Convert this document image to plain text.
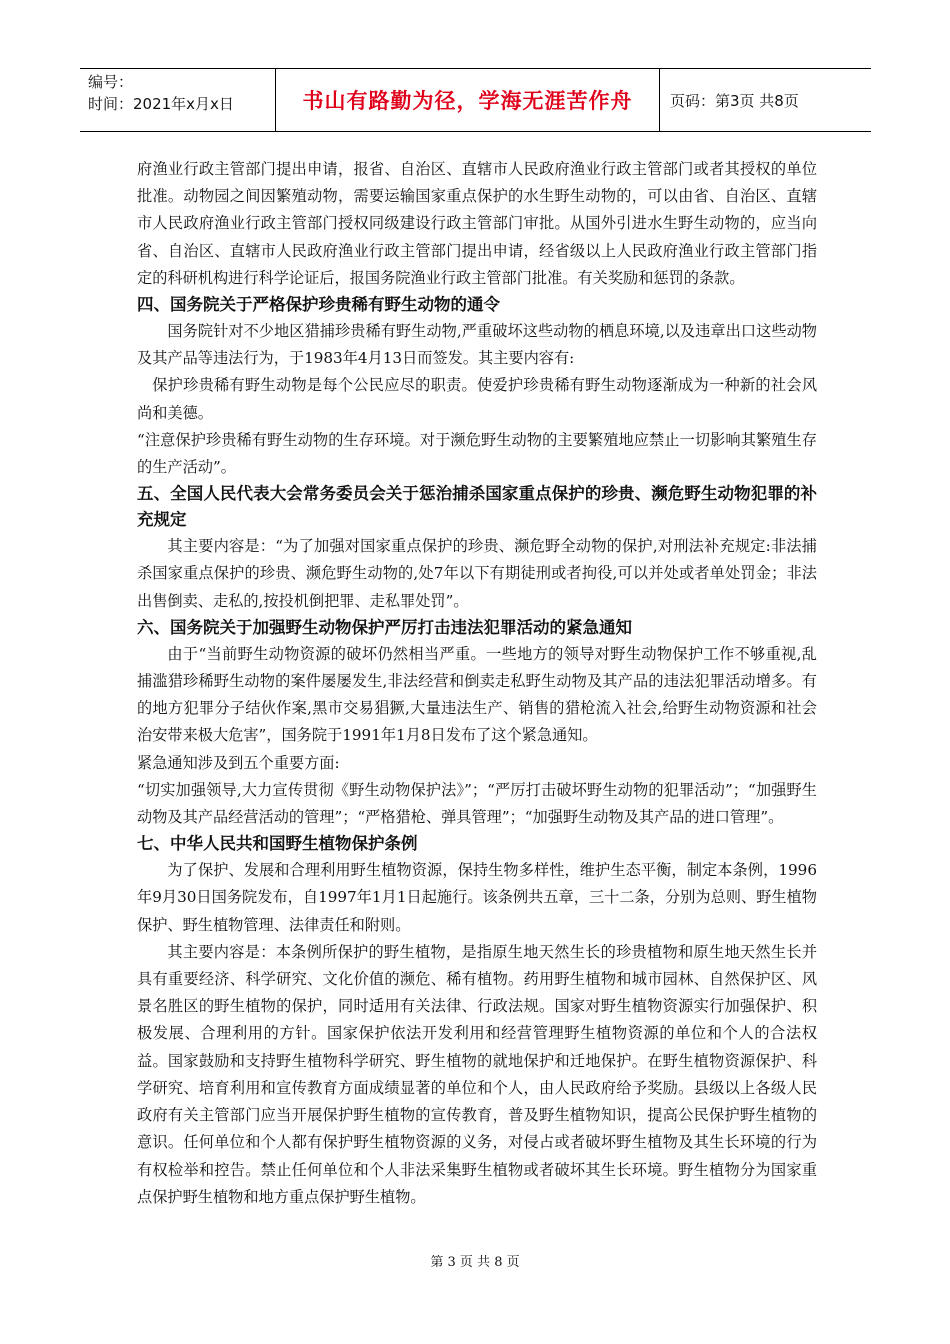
编号：
时间：2021年x月x日	书山有路勤为径，学海无涯苦作舟	页码：第3页 共8页

府渔业行政主管部门提出申请，报省、自治区、直辖市人民政府渔业行政主管部门或者其授权的单位批准。动物园之间因繁殖动物，需要运输国家重点保护的水生野生动物的，可以由省、自治区、直辖市人民政府渔业行政主管部门授权同级建设行政主管部门审批。从国外引进水生野生动物的，应当向省、自治区、直辖市人民政府渔业行政主管部门提出申请，经省级以上人民政府渔业行政主管部门指定的科研机构进行科学论证后，报国务院渔业行政主管部门批准。有关奖励和惩罚的条款。

四、国务院关于严格保护珍贵稀有野生动物的通令

国务院针对不少地区猎捕珍贵稀有野生动物,严重破坏这些动物的栖息环境,以及违章出口这些动物及其产品等违法行为，于1983年4月13日而签发。其主要内容有:

保护珍贵稀有野生动物是每个公民应尽的职责。使爱护珍贵稀有野生动物逐渐成为一种新的社会风尚和美德。

“注意保护珍贵稀有野生动物的生存环境。对于濒危野生动物的主要繁殖地应禁止一切影响其繁殖生存的生产活动”。

五、全国人民代表大会常务委员会关于惩治捕杀国家重点保护的珍贵、濒危野生动物犯罪的补充规定

其主要内容是：“为了加强对国家重点保护的珍贵、濒危野全动物的保护,对刑法补充规定:非法捕杀国家重点保护的珍贵、濒危野生动物的,处7年以下有期徒刑或者拘役,可以并处或者单处罚金；非法出售倒卖、走私的,按投机倒把罪、走私罪处罚”。

六、国务院关于加强野生动物保护严厉打击违法犯罪活动的紧急通知

由于“当前野生动物资源的破坏仍然相当严重。一些地方的领导对野生动物保护工作不够重视,乱捕滥猎珍稀野生动物的案件屡屡发生,非法经营和倒卖走私野生动物及其产品的违法犯罪活动增多。有的地方犯罪分子结伙作案,黑市交易猖獗,大量违法生产、销售的猎枪流入社会,给野生动物资源和社会治安带来极大危害”，国务院于1991年1月8日发布了这个紧急通知。

紧急通知涉及到五个重要方面:

“切实加强领导,大力宣传贯彻《野生动物保护法》”；“严厉打击破坏野生动物的犯罪活动”；“加强野生动物及其产品经营活动的管理”；“严格猎枪、弹具管理”；“加强野生动物及其产品的进口管理”。

七、中华人民共和国野生植物保护条例

为了保护、发展和合理利用野生植物资源，保持生物多样性，维护生态平衡，制定本条例，1996年9月30日国务院发布，自1997年1月1日起施行。该条例共五章，三十二条，分别为总则、野生植物保护、野生植物管理、法律责任和附则。

其主要内容是：本条例所保护的野生植物，是指原生地天然生长的珍贵植物和原生地天然生长并具有重要经济、科学研究、文化价值的濒危、稀有植物。药用野生植物和城市园林、自然保护区、风景名胜区的野生植物的保护，同时适用有关法律、行政法规。国家对野生植物资源实行加强保护、积极发展、合理利用的方针。国家保护依法开发利用和经营管理野生植物资源的单位和个人的合法权益。国家鼓励和支持野生植物科学研究、野生植物的就地保护和迁地保护。在野生植物资源保护、科学研究、培育利用和宣传教育方面成绩显著的单位和个人，由人民政府给予奖励。县级以上各级人民政府有关主管部门应当开展保护野生植物的宣传教育，普及野生植物知识，提高公民保护野生植物的意识。任何单位和个人都有保护野生植物资源的义务，对侵占或者破坏野生植物及其生长环境的行为有权检举和控告。禁止任何单位和个人非法采集野生植物或者破坏其生长环境。野生植物分为国家重点保护野生植物和地方重点保护野生植物。

第 3 页 共 8 页
